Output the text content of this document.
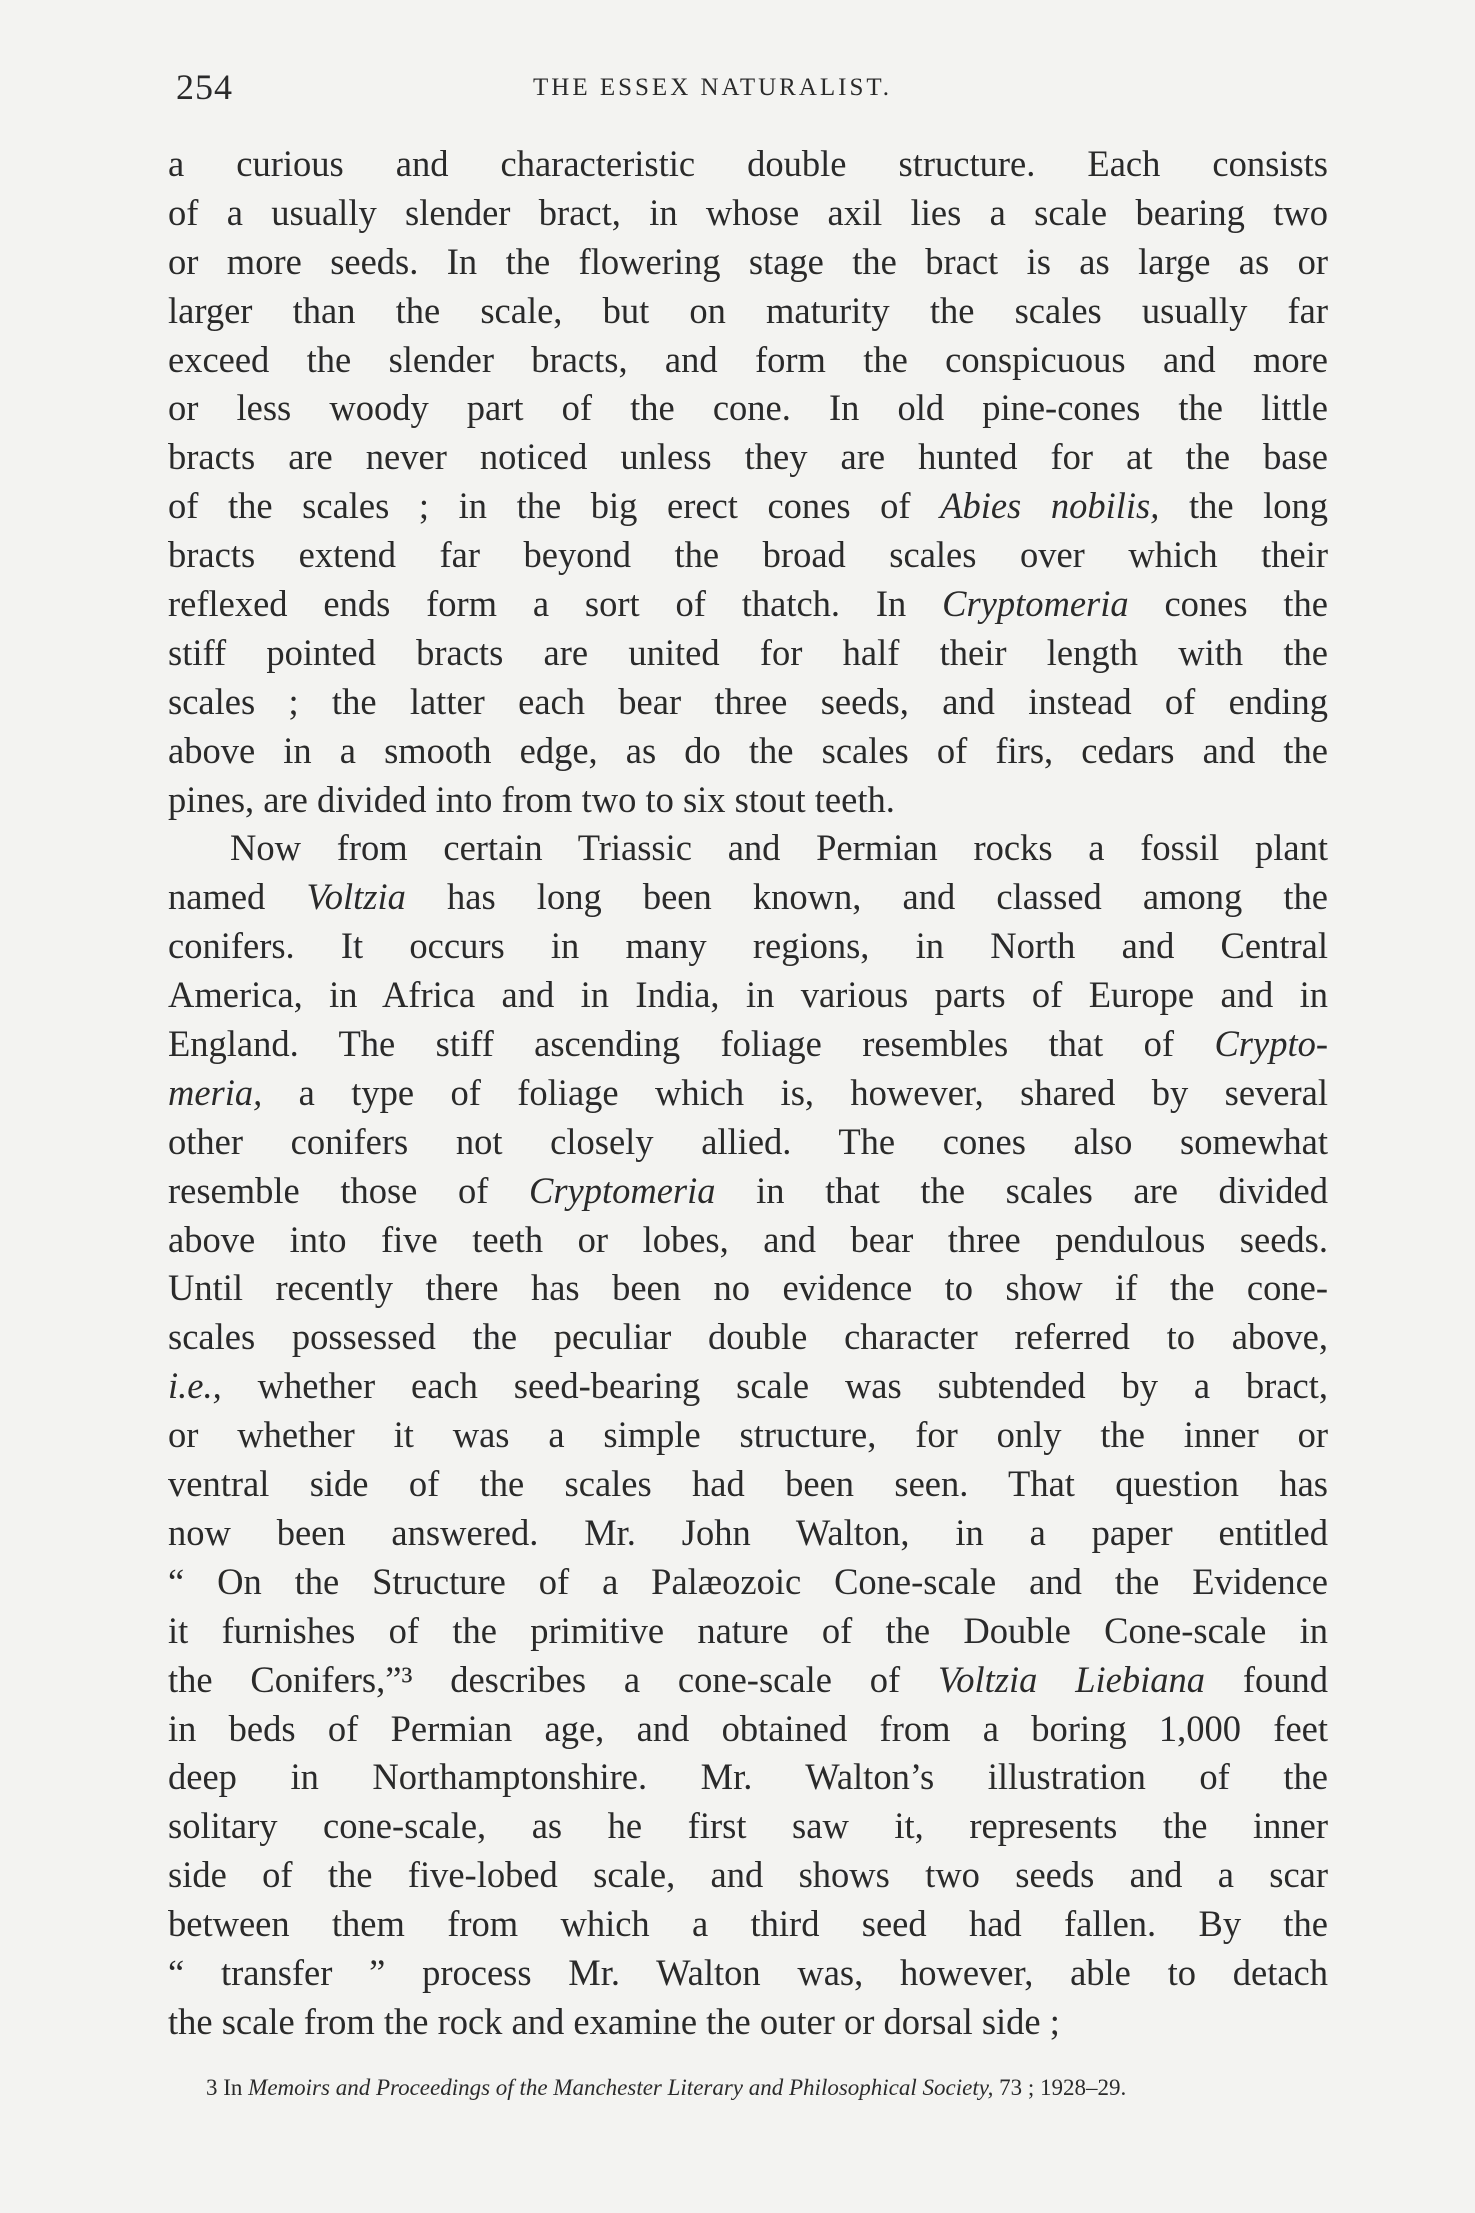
254	THE ESSEX NATURALIST.
a curious and characteristic double structure. Each consists
of a usually slender bract, in whose axil lies a scale bearing two
or more seeds. In the flowering stage the bract is as large as or
larger than the scale, but on maturity the scales usually far
exceed the slender bracts, and form the conspicuous and more
or less woody part of the cone. In old pine-cones the little
bracts are never noticed unless they are hunted for at the base
of the scales ; in the big erect cones of Abies nobilis, the long
bracts extend far beyond the broad scales over which their
reflexed ends form a sort of thatch. In Cryptomeria cones the
stiff pointed bracts are united for half their length with the
scales ; the latter each bear three seeds, and instead of ending
above in a smooth edge, as do the scales of firs, cedars and the
pines, are divided into from two to six stout teeth.
Now from certain Triassic and Permian rocks a fossil plant
named Voltzia has long been known, and classed among the
conifers. It occurs in many regions, in North and Central
America, in Africa and in India, in various parts of Europe and in
England. The stiff ascending foliage resembles that of Crypto-
meria, a type of foliage which is, however, shared by several
other conifers not closely allied. The cones also somewhat
resemble those of Cryptomeria in that the scales are divided
above into five teeth or lobes, and bear three pendulous seeds.
Until recently there has been no evidence to show if the cone-
scales possessed the peculiar double character referred to above,
i.e., whether each seed-bearing scale was subtended by a bract,
or whether it was a simple structure, for only the inner or
ventral side of the scales had been seen. That question has
now been answered. Mr. John Walton, in a paper entitled
“ On the Structure of a Palæozoic Cone-scale and the Evidence
it furnishes of the primitive nature of the Double Cone-scale in
the Conifers,”³ describes a cone-scale of Voltzia Liebiana found
in beds of Permian age, and obtained from a boring 1,000 feet
deep in Northamptonshire. Mr. Walton’s illustration of the
solitary cone-scale, as he first saw it, represents the inner
side of the five-lobed scale, and shows two seeds and a scar
between them from which a third seed had fallen. By the
“ transfer ” process Mr. Walton was, however, able to detach
the scale from the rock and examine the outer or dorsal side ;
3 In Memoirs and Proceedings of the Manchester Literary and Philosophical Society, 73 ; 1928–29.
